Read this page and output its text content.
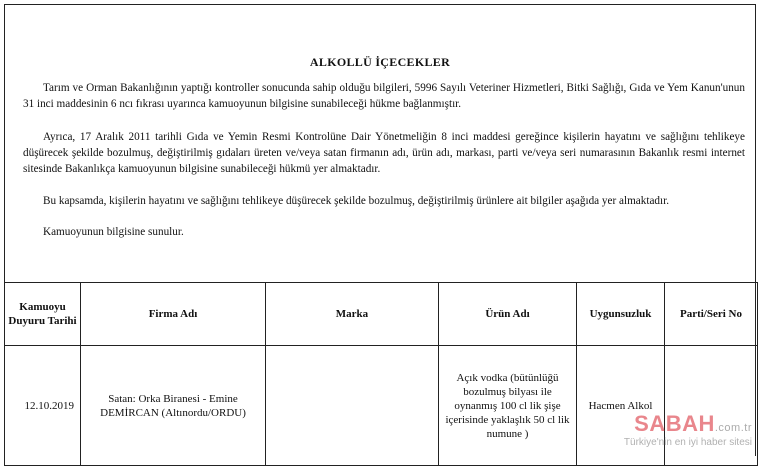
ALKOLLÜ İÇECEKLER

Tarım ve Orman Bakanlığının yaptığı kontroller sonucunda sahip olduğu bilgileri, 5996 Sayılı Veteriner Hizmetleri, Bitki Sağlığı, Gıda ve Yem Kanun'unun 31 inci maddesinin 6 ncı fıkrası uyarınca kamuoyunun bilgisine sunabileceği hükme bağlanmıştır.

Ayrıca, 17 Aralık 2011 tarihli Gıda ve Yemin Resmi Kontrolüne Dair Yönetmeliğin 8 inci maddesi gereğince kişilerin hayatını ve sağlığını tehlikeye düşürecek şekilde bozulmuş, değiştirilmiş gıdaları üreten ve/veya satan firmanın adı, ürün adı, markası, parti ve/veya seri numarasının Bakanlık resmi internet sitesinde Bakanlıkça kamuoyunun bilgisine sunabileceği hükmü yer almaktadır.

Bu kapsamda, kişilerin hayatını ve sağlığını tehlikeye düşürecek şekilde bozulmuş, değiştirilmiş ürünlere ait bilgiler aşağıda yer almaktadır.

Kamuoyunun bilgisine sunulur.

Kamuoyu Duyuru Tarihi	Firma Adı	Marka	Ürün Adı	Uygunsuzluk	Parti/Seri No
12.10.2019	Satan: Orka Biranesi - Emine DEMİRCAN (Altınordu/ORDU)		Açık vodka (bütünlüğü bozulmuş bilyası ile oynanmış 100 cl lik şişe içerisinde yaklaşlık 50 cl lik numune )	Hacmen Alkol	
SABAH.com.tr
Türkiye'nin en iyi haber sitesi
